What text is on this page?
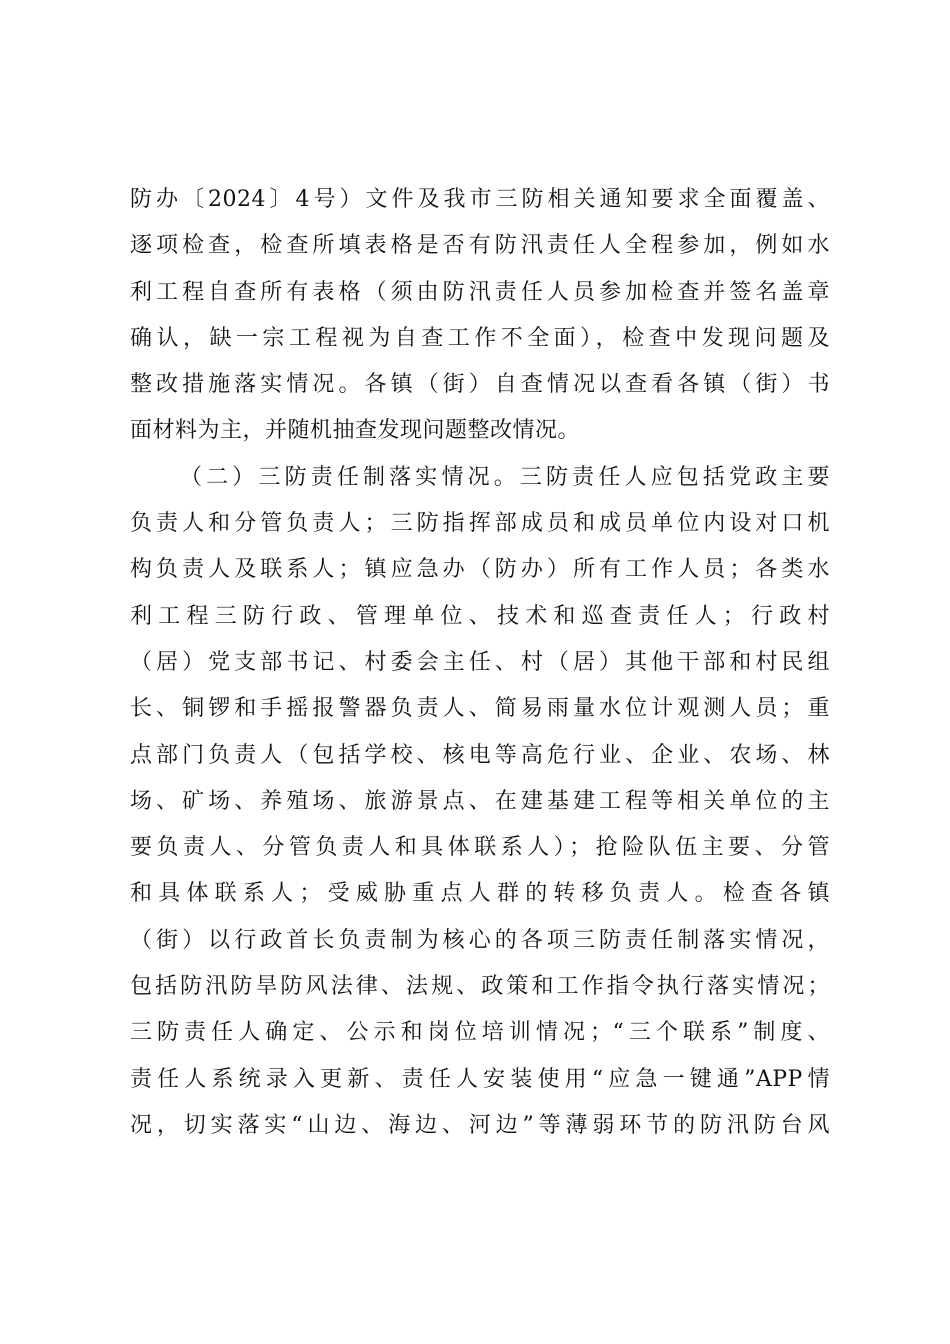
防办〔2024〕4号）文件及我市三防相关通知要求全面覆盖、
逐项检查，检查所填表格是否有防汛责任人全程参加，例如水
利工程自查所有表格（须由防汛责任人员参加检查并签名盖章
确认，缺一宗工程视为自查工作不全面），检查中发现问题及
整改措施落实情况。各镇（街）自查情况以查看各镇（街）书
面材料为主，并随机抽查发现问题整改情况。
（二）三防责任制落实情况。三防责任人应包括党政主要
负责人和分管负责人；三防指挥部成员和成员单位内设对口机
构负责人及联系人；镇应急办（防办）所有工作人员；各类水
利工程三防行政、管理单位、技术和巡查责任人；行政村
（居）党支部书记、村委会主任、村（居）其他干部和村民组
长、铜锣和手摇报警器负责人、简易雨量水位计观测人员；重
点部门负责人（包括学校、核电等高危行业、企业、农场、林
场、矿场、养殖场、旅游景点、在建基建工程等相关单位的主
要负责人、分管负责人和具体联系人）；抢险队伍主要、分管
和具体联系人；受威胁重点人群的转移负责人。检查各镇
（街）以行政首长负责制为核心的各项三防责任制落实情况，
包括防汛防旱防风法律、法规、政策和工作指令执行落实情况；
三防责任人确定、公示和岗位培训情况；“三个联系”制度、
责任人系统录入更新、责任人安装使用“应急一键通”APP情
况，切实落实“山边、海边、河边”等薄弱环节的防汛防台风
